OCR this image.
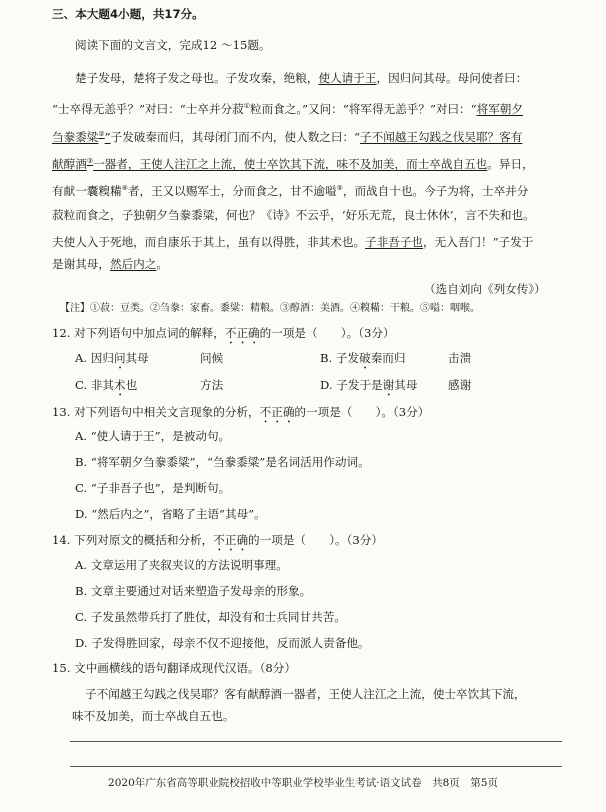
三、本大题4小题，共17分。
阅读下面的文言文，完成12 ～15题。
楚子发母，楚将子发之母也。子发攻秦，绝粮，使人请于王，因归问其母。母问使者曰：
“士卒得无恙乎？”对曰：“士卒并分菽①粒而食之。”又问：“将军得无恙乎？”对曰：“将军朝夕
刍豢黍粱②”子发破秦而归，其母闭门而不内，使人数之曰：“子不闻越王勾践之伐吴耶？客有
献醇酒③一器者，王使人注江之上流，使士卒饮其下流，味不及加美，而士卒战自五也。异日，
有献一囊糗糒④者，王又以赐军士，分而食之，甘不逾嗌⑤，而战自十也。今子为将，士卒并分
菽粒而食之，子独朝夕刍豢黍粱，何也？《诗》不云乎，‘好乐无荒，良士休休’，言不失和也。
夫使人入于死地，而自康乐于其上，虽有以得胜，非其术也。子非吾子也，无入吾门！”子发于
是谢其母，然后内之。
（选自刘向《列女传》）
【注】①菽：豆类。②刍豢：家畜。黍粱：精粮。③醇酒：美酒。④糗糒：干粮。⑤嗌：咽喉。
12. 对下列语句中加点词的解释，不正确的一项是（　　）。（3分）
A. 因归问其母	问候	B. 子发破秦而归	击溃
C. 非其术也	方法	D. 子发于是谢其母	感谢
13. 对下列语句中相关文言现象的分析，不正确的一项是（　　）。（3分）
A. “使人请于王”，是被动句。
B. “将军朝夕刍豢黍粱”，“刍豢黍粱”是名词活用作动词。
C. “子非吾子也”，是判断句。
D. “然后内之”，省略了主语“其母”。
14. 下列对原文的概括和分析，不正确的一项是（　　）。（3分）
A. 文章运用了夹叙夹议的方法说明事理。
B. 文章主要通过对话来塑造子发母亲的形象。
C. 子发虽然带兵打了胜仗，却没有和士兵同甘共苦。
D. 子发得胜回家，母亲不仅不迎接他，反而派人责备他。
15. 文中画横线的语句翻译成现代汉语。（8分）
子不闻越王勾践之伐吴耶？客有献醇酒一器者，王使人注江之上流，使士卒饮其下流，
味不及加美，而士卒战自五也。
2020年广东省高等职业院校招收中等职业学校毕业生考试·语文试卷　共8页　第5页
